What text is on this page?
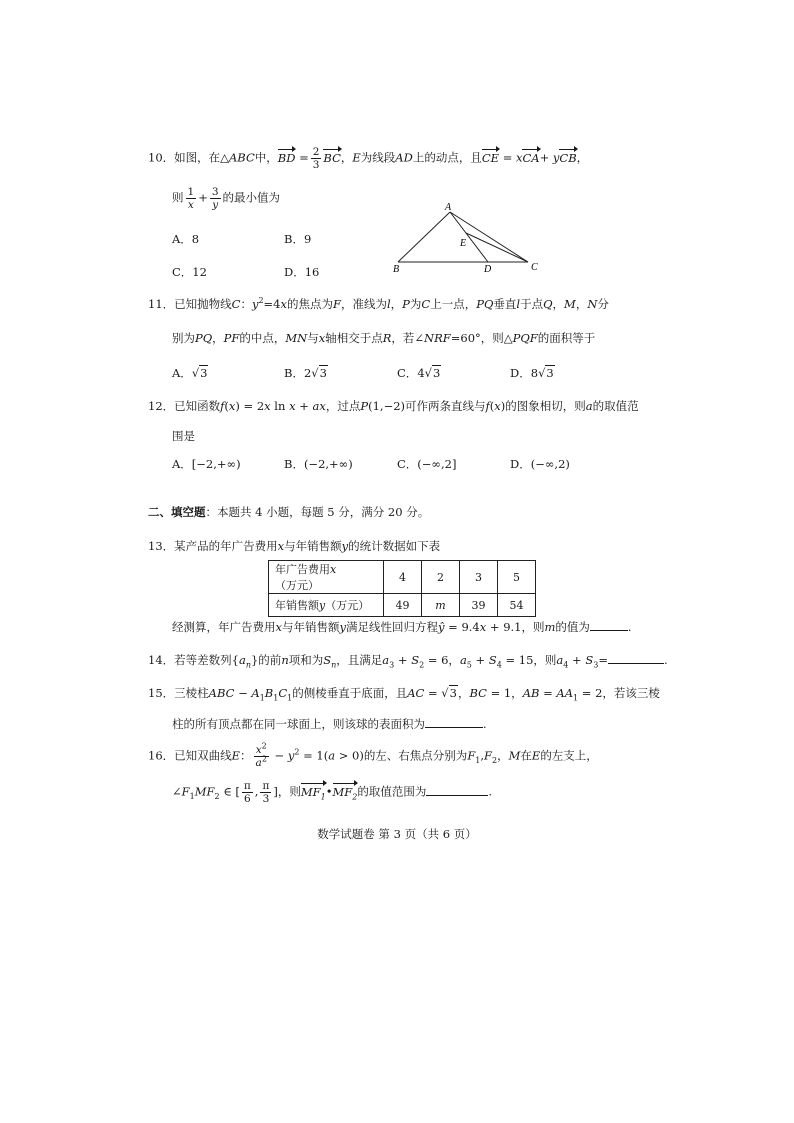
10．如图，在△ABC中，BD = $\frac{2}{3}$ BC，E为线段AD上的动点，且CE = xCA+ yCB，
则 $\frac{1}{x} + \frac{3}{y}$ 的最小值为
A．8	B．9
C．12	D．16
A
B	C
D
E
11．已知抛物线C：$y^2=4x$的焦点为F，准线为l，P为C上一点，PQ垂直l于点Q，M，N分
别为PQ，PF的中点，MN与x轴相交于点R，若∠NRF=60°，则△PQF的面积等于
A．√3	B．2√3	C．4√3	D．8√3
12．已知函数f(x) = 2x ln x + ax，过点P(1,−2)可作两条直线与f(x)的图象相切，则a的取值范
围是
A．[−2,+∞)	B．(−2,+∞)	C．(−∞,2]	D．(−∞,2)
二、填空题：本题共 4 小题，每题 5 分，满分 20 分。
13．某产品的年广告费用x与年销售额y的统计数据如下表
年广告费用x（万元）	4	2	3	5
年销售额y（万元）	49	m	39	54
经测算，年广告费用x与年销售额y满足线性回归方程ŷ = 9.4x + 9.1，则m的值为	.
14．若等差数列$\{a_n\}$的前n项和为$S_n$，且满足$a_3 + S_2 = 6$，$a_5 + S_4 = 15$，则$a_4 + S_3=$	.
15．三棱柱ABC − $A_1B_1C_1$的侧棱垂直于底面，且AC = √3，BC = 1，AB = $AA_1 = 2$，若该三棱
柱的所有顶点都在同一球面上，则该球的表面积为	.
16．已知双曲线E： $\frac{x^2}{a^2} - y^2 = 1(a > 0)$的左、右焦点分别为$F_1,F_2$，M在E的左支上，
$\angle F_1MF_2$ ∈ [ $\frac{\pi}{6}$ , $\frac{\pi}{3}$ ]，则$MF_1•MF_2$的取值范围为	.
数学试题卷 第 3 页（共 6 页）
